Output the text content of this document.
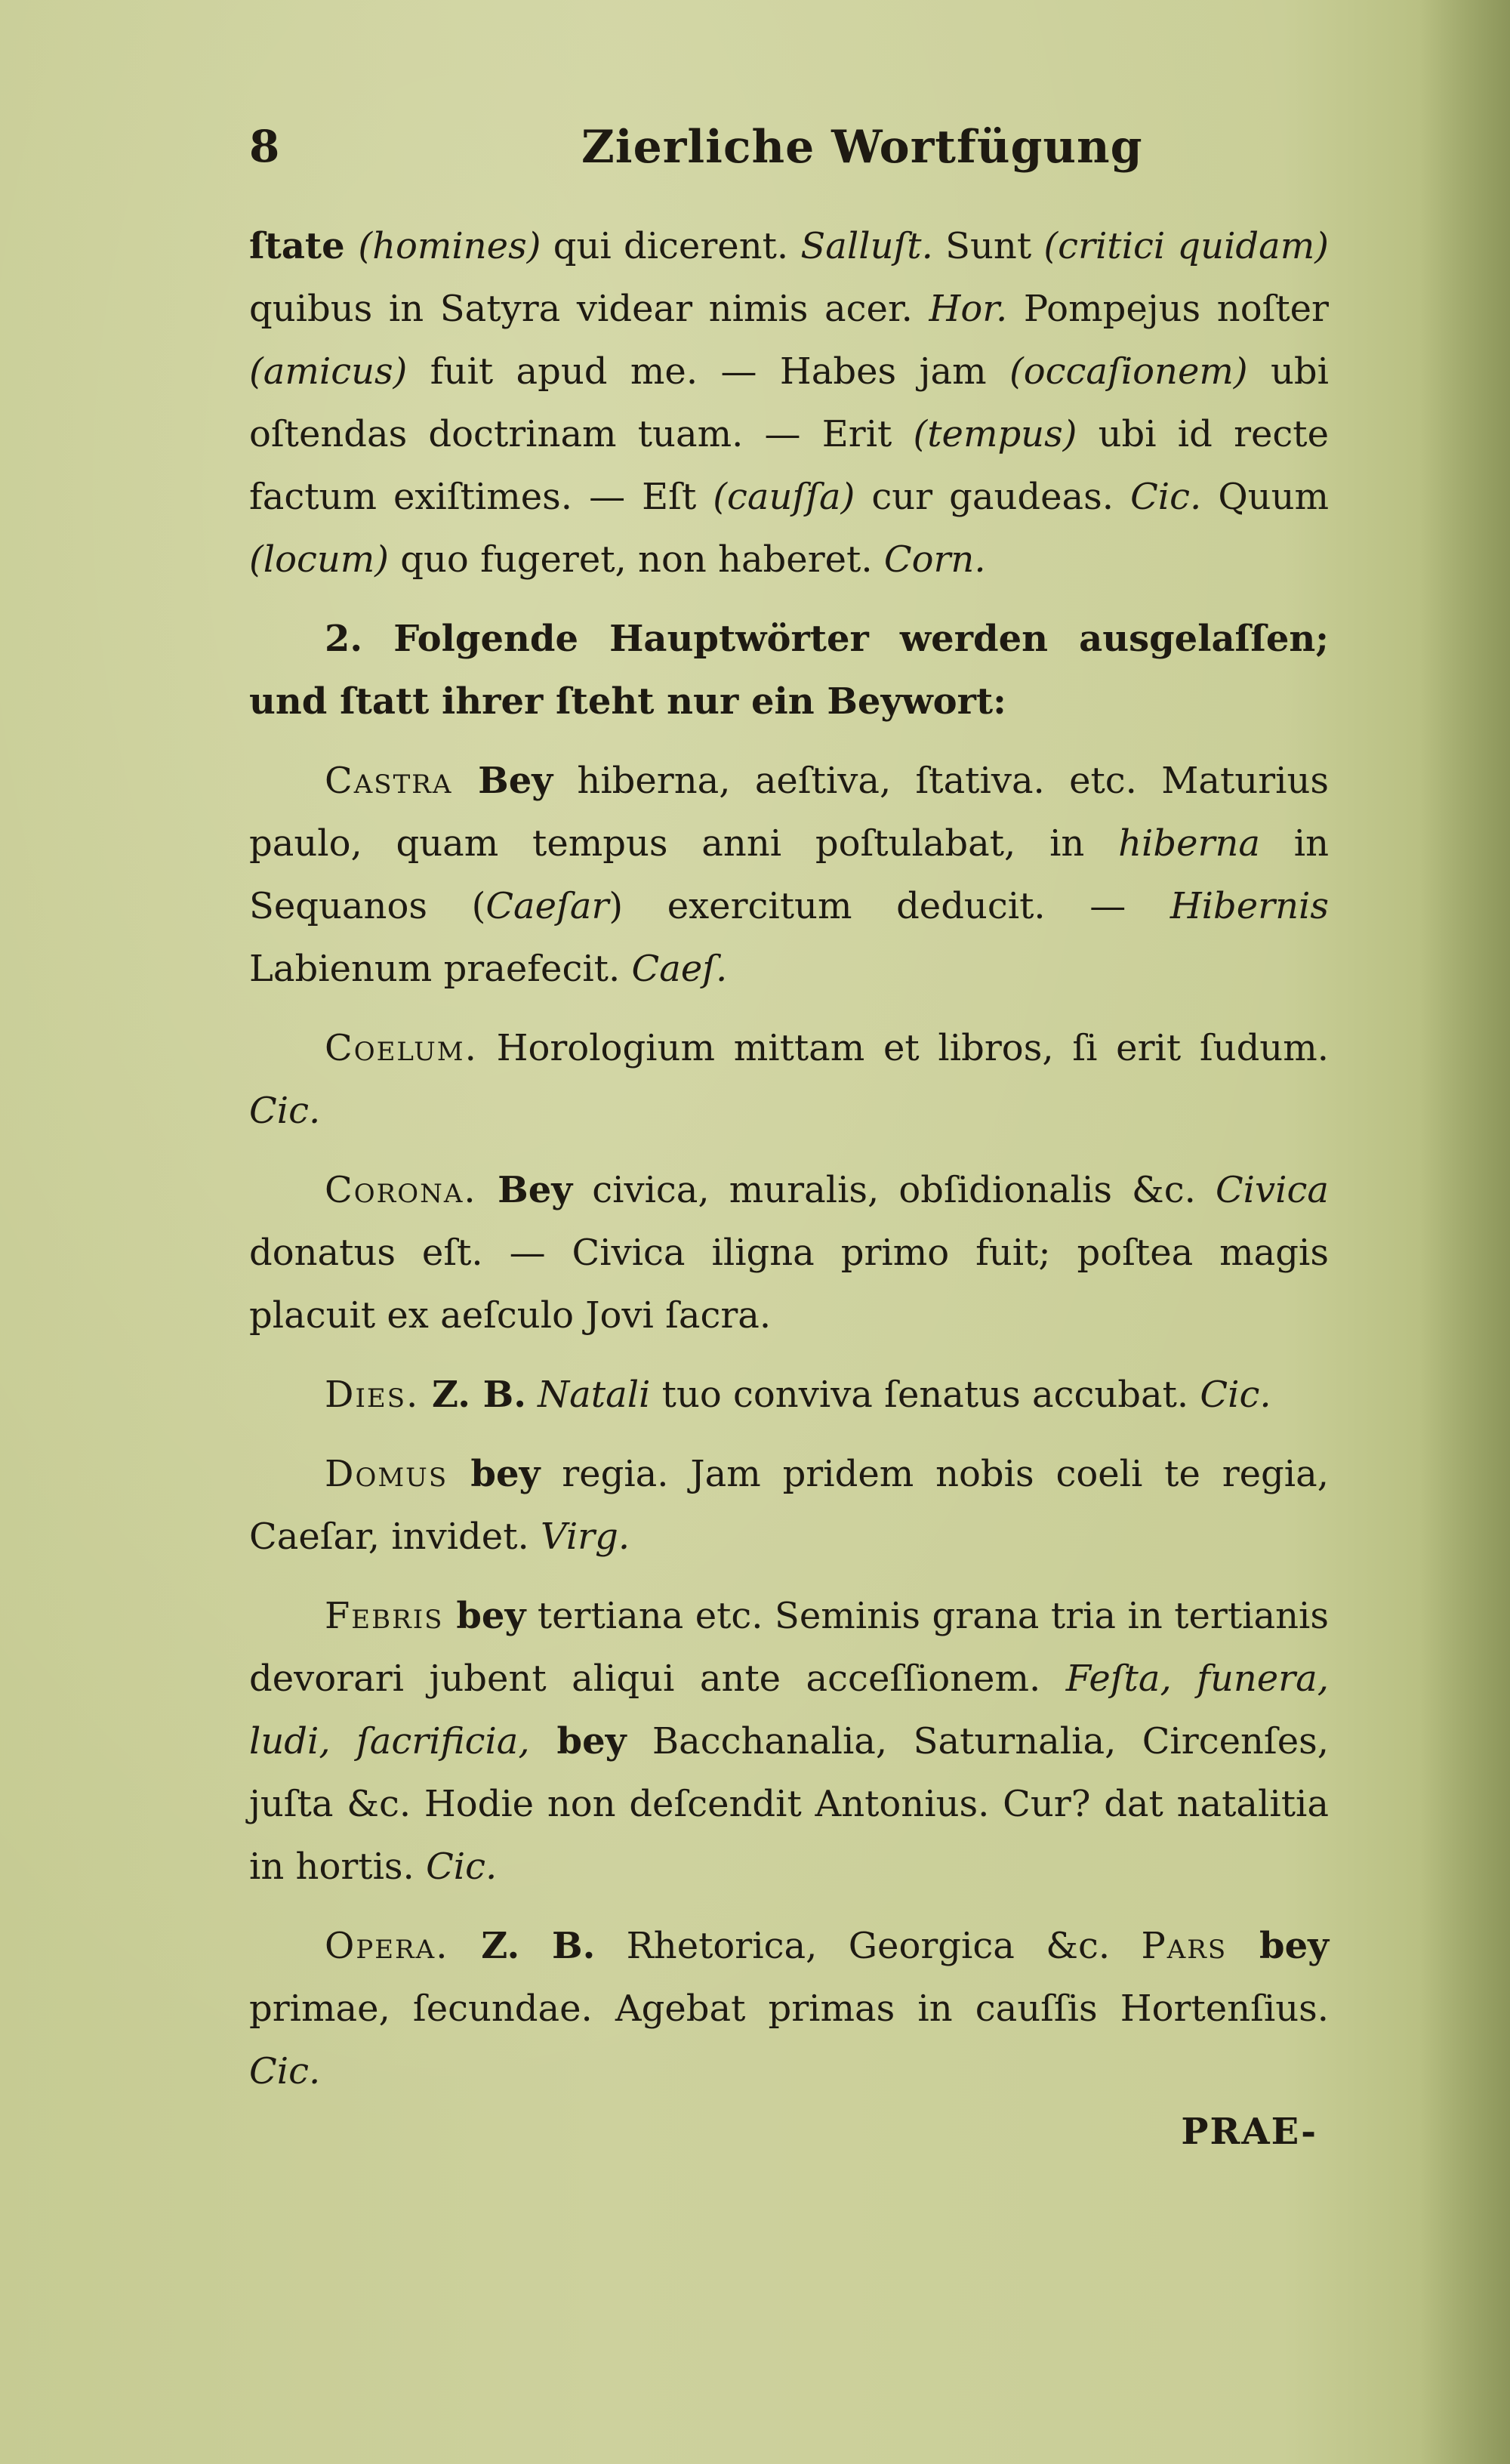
8	Zierliche Wortfügung

ſtate (homines) qui dicerent. Salluſt. Sunt (critici quidam) quibus in Satyra videar nimis acer. Hor. Pompejus noſter (amicus) fuit apud me. — Habes jam (occaſionem) ubi oſtendas doctrinam tuam. — Erit (tempus) ubi id recte factum exiſtimes. — Eſt (cauſſa) cur gaudeas. Cic. Quum (locum) quo fugeret, non haberet. Corn.

2. Folgende Hauptwörter werden ausgelaſſen; und ſtatt ihrer ſteht nur ein Beywort:

Castra Bey hiberna, aeſtiva, ſtativa. etc. Maturius paulo, quam tempus anni poſtulabat, in hiberna in Sequanos (Caeſar) exercitum deducit. — Hibernis Labienum praefecit. Caeſ.

Coelum. Horologium mittam et libros, ſi erit ſudum. Cic.

Corona. Bey civica, muralis, obſidionalis &c. Civica donatus eſt. — Civica iligna primo fuit; poſtea magis placuit ex aeſculo Jovi ſacra.

Dies. Z. B. Natali tuo conviva ſenatus accubat. Cic.

Domus bey regia. Jam pridem nobis coeli te regia, Caeſar, invidet. Virg.

Febris bey tertiana etc. Seminis grana tria in tertianis devorari jubent aliqui ante acceſſionem. Feſta, funera, ludi, ſacrificia, bey Bacchanalia, Saturnalia, Circenſes, juſta &c. Hodie non deſcendit Antonius. Cur? dat natalitia in hortis. Cic.

Opera. Z. B. Rhetorica, Georgica &c. Pars bey primae, ſecundae. Agebat primas in cauſſis Hortenſius. Cic.

PRAE-
